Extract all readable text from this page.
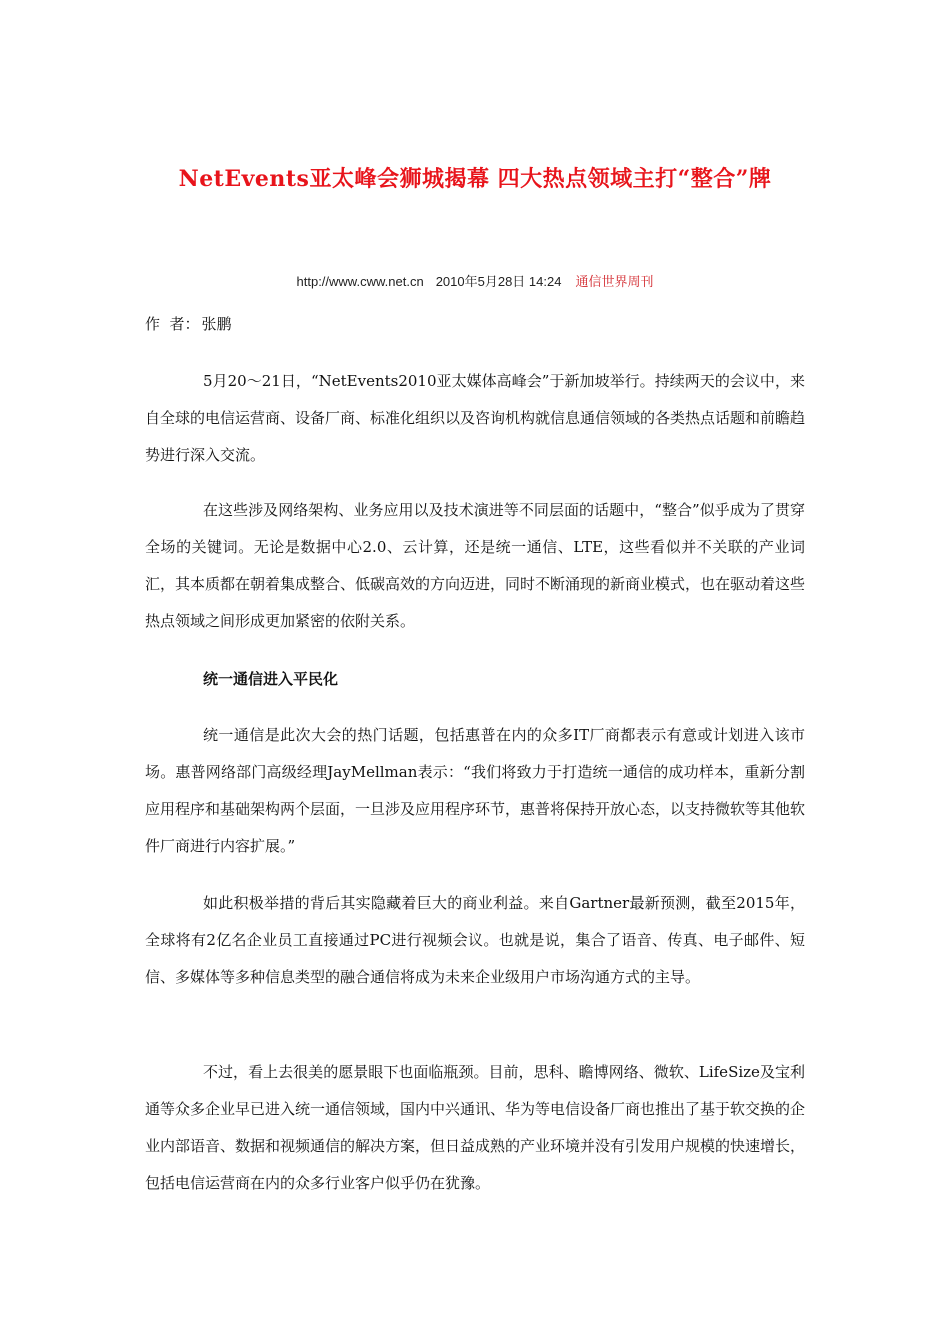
NetEvents亚太峰会狮城揭幕 四大热点领域主打“整合”牌
http://www.cww.net.cn 2010年5月28日 14:24 通信世界周刊
作  者： 张鹏

5月20～21日，“NetEvents2010亚太媒体高峰会”于新加坡举行。持续两天的会议中，来自全球的电信运营商、设备厂商、标准化组织以及咨询机构就信息通信领域的各类热点话题和前瞻趋势进行深入交流。

在这些涉及网络架构、业务应用以及技术演进等不同层面的话题中，“整合”似乎成为了贯穿全场的关键词。无论是数据中心2.0、云计算，还是统一通信、LTE，这些看似并不关联的产业词汇，其本质都在朝着集成整合、低碳高效的方向迈进，同时不断涌现的新商业模式，也在驱动着这些热点领域之间形成更加紧密的依附关系。

统一通信进入平民化

统一通信是此次大会的热门话题，包括惠普在内的众多IT厂商都表示有意或计划进入该市场。惠普网络部门高级经理JayMellman表示：“我们将致力于打造统一通信的成功样本，重新分割应用程序和基础架构两个层面，一旦涉及应用程序环节，惠普将保持开放心态，以支持微软等其他软件厂商进行内容扩展。”

如此积极举措的背后其实隐藏着巨大的商业利益。来自Gartner最新预测，截至2015年，全球将有2亿名企业员工直接通过PC进行视频会议。也就是说，集合了语音、传真、电子邮件、短信、多媒体等多种信息类型的融合通信将成为未来企业级用户市场沟通方式的主导。

不过，看上去很美的愿景眼下也面临瓶颈。目前，思科、瞻博网络、微软、LifeSize及宝利通等众多企业早已进入统一通信领域，国内中兴通讯、华为等电信设备厂商也推出了基于软交换的企业内部语音、数据和视频通信的解决方案，但日益成熟的产业环境并没有引发用户规模的快速增长，包括电信运营商在内的众多行业客户似乎仍在犹豫。
